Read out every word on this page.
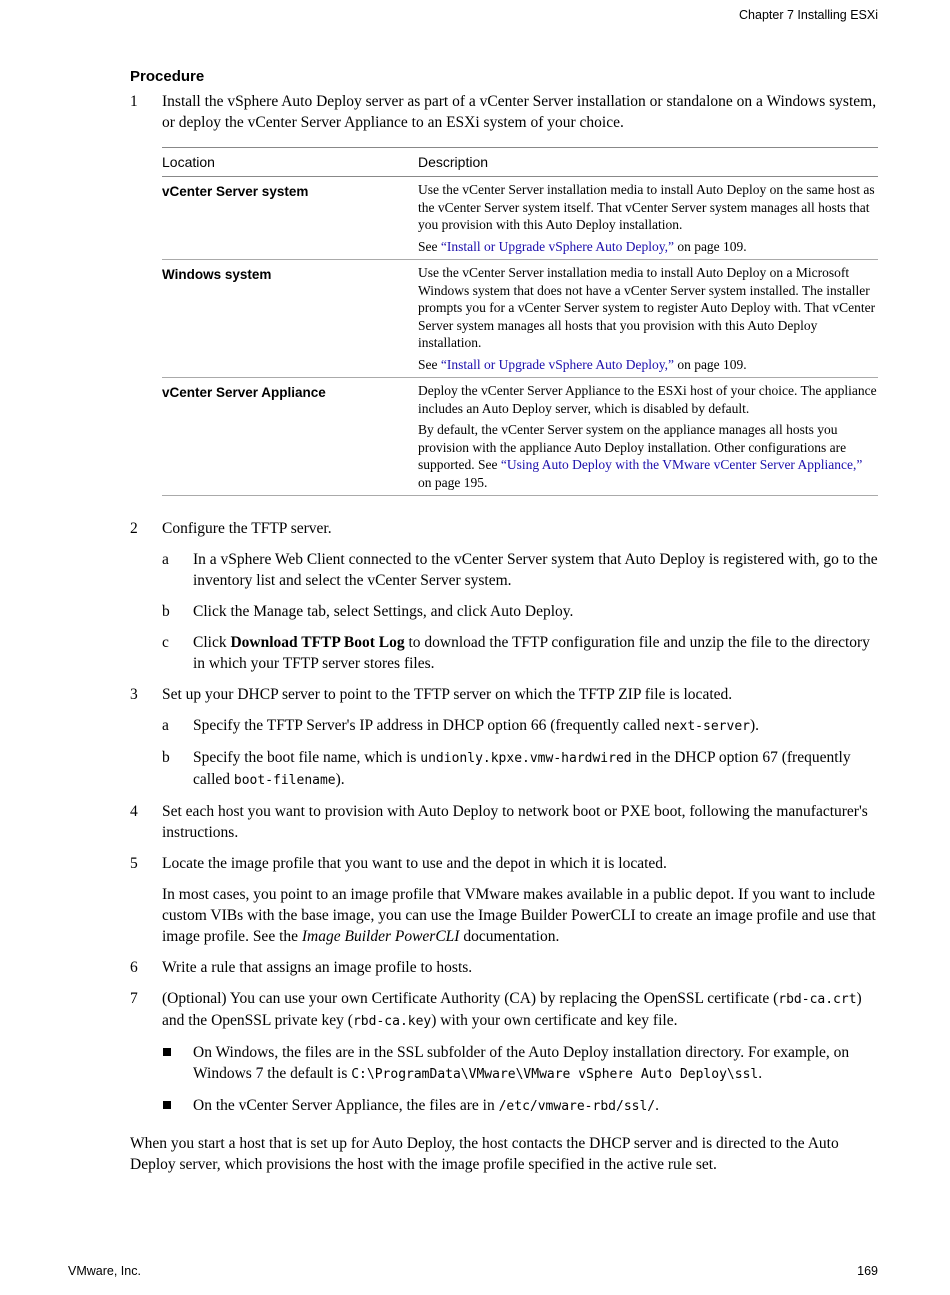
Chapter 7 Installing ESXi
Procedure
1 Install the vSphere Auto Deploy server as part of a vCenter Server installation or standalone on a Windows system, or deploy the vCenter Server Appliance to an ESXi system of your choice.
Location	Description
vCenter Server system	Use the vCenter Server installation media to install Auto Deploy on the same host as the vCenter Server system itself. That vCenter Server system manages all hosts that you provision with this Auto Deploy installation.
See “Install or Upgrade vSphere Auto Deploy,” on page 109.

Windows system	Use the vCenter Server installation media to install Auto Deploy on a Microsoft Windows system that does not have a vCenter Server system installed. The installer prompts you for a vCenter Server system to register Auto Deploy with. That vCenter Server system manages all hosts that you provision with this Auto Deploy installation.
See “Install or Upgrade vSphere Auto Deploy,” on page 109.

vCenter Server Appliance	Deploy the vCenter Server Appliance to the ESXi host of your choice. The appliance includes an Auto Deploy server, which is disabled by default.
By default, the vCenter Server system on the appliance manages all hosts you provision with the appliance Auto Deploy installation. Other configurations are supported. See “Using Auto Deploy with the VMware vCenter Server Appliance,” on page 195.
2 Configure the TFTP server.
a In a vSphere Web Client connected to the vCenter Server system that Auto Deploy is registered with, go to the inventory list and select the vCenter Server system.
b Click the Manage tab, select Settings, and click Auto Deploy.
c Click Download TFTP Boot Log to download the TFTP configuration file and unzip the file to the directory in which your TFTP server stores files.
3 Set up your DHCP server to point to the TFTP server on which the TFTP ZIP file is located.
a Specify the TFTP Server's IP address in DHCP option 66 (frequently called next-server).
b Specify the boot file name, which is undionly.kpxe.vmw-hardwired in the DHCP option 67 (frequently called boot-filename).
4 Set each host you want to provision with Auto Deploy to network boot or PXE boot, following the manufacturer's instructions.
5 Locate the image profile that you want to use and the depot in which it is located.
In most cases, you point to an image profile that VMware makes available in a public depot. If you want to include custom VIBs with the base image, you can use the Image Builder PowerCLI to create an image profile and use that image profile. See the Image Builder PowerCLI documentation.
6 Write a rule that assigns an image profile to hosts.
7 (Optional) You can use your own Certificate Authority (CA) by replacing the OpenSSL certificate (rbd-ca.crt) and the OpenSSL private key (rbd-ca.key) with your own certificate and key file.
On Windows, the files are in the SSL subfolder of the Auto Deploy installation directory. For example, on Windows 7 the default is C:\ProgramData\VMware\VMware vSphere Auto Deploy\ssl.
On the vCenter Server Appliance, the files are in /etc/vmware-rbd/ssl/.
When you start a host that is set up for Auto Deploy, the host contacts the DHCP server and is directed to the Auto Deploy server, which provisions the host with the image profile specified in the active rule set.
VMware, Inc.	169
